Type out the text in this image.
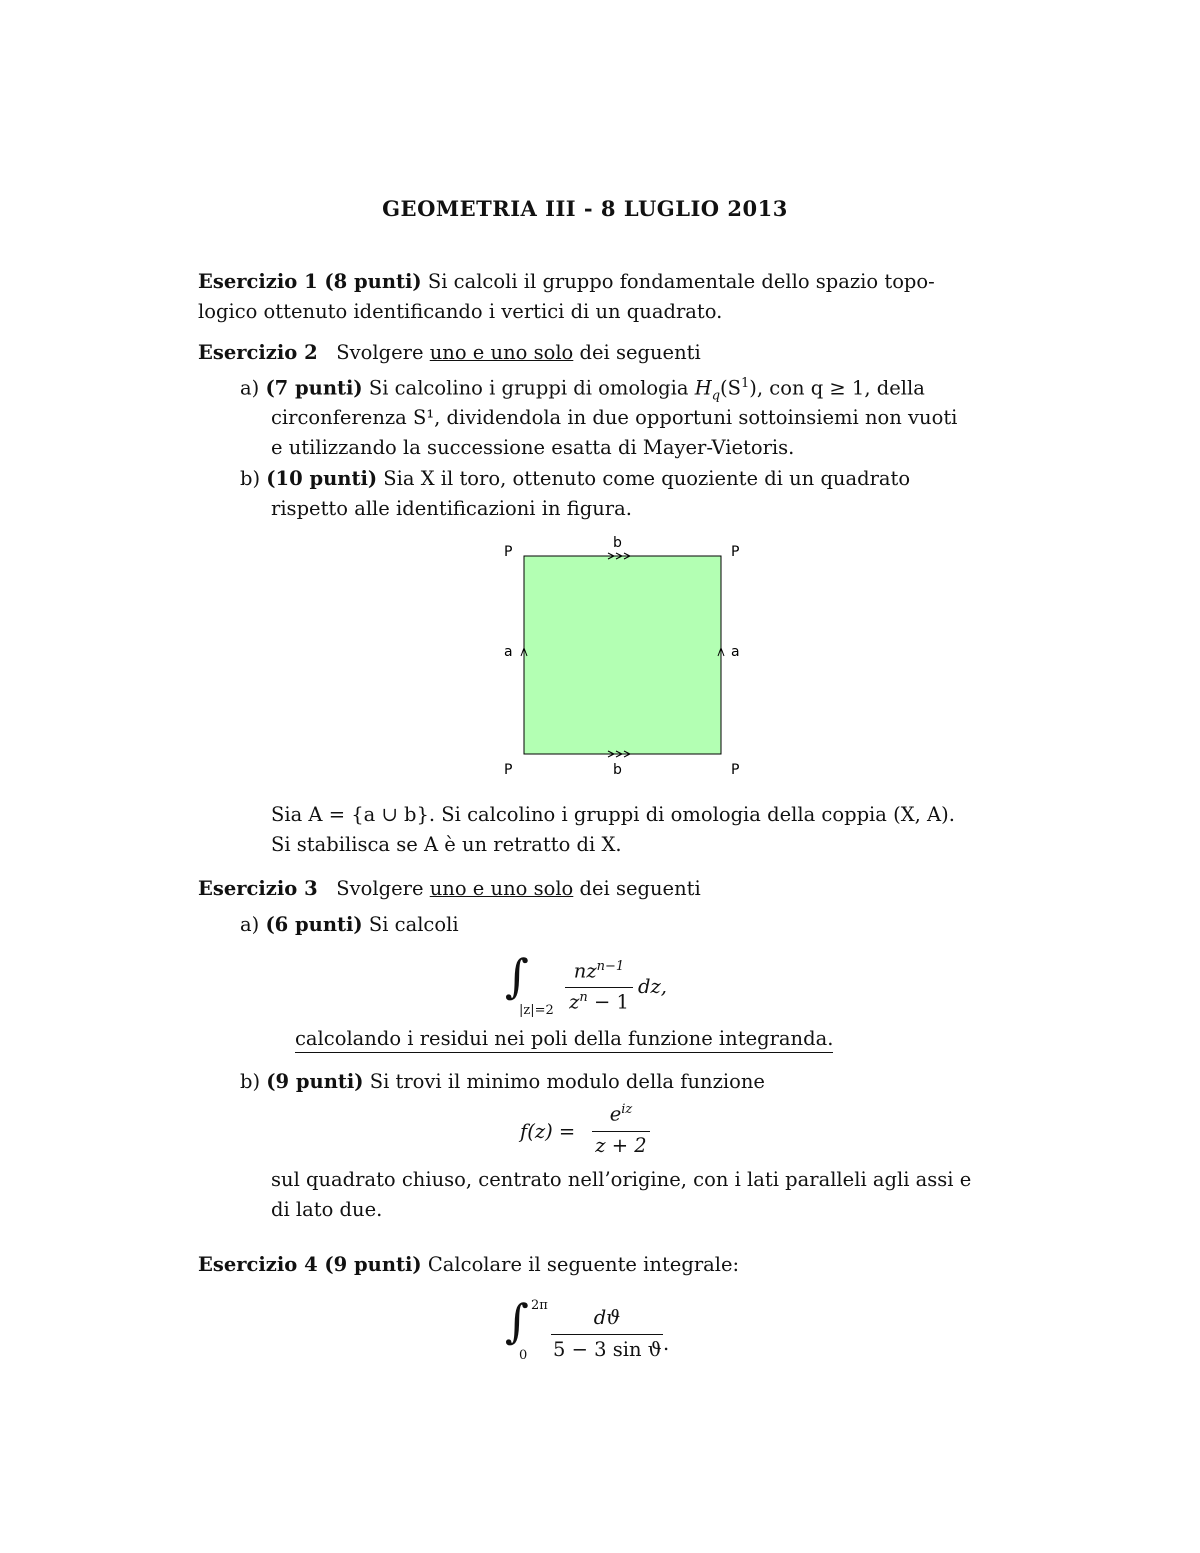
GEOMETRIA III - 8 LUGLIO 2013
Esercizio 1 (8 punti) Si calcoli il gruppo fondamentale dello spazio topo-
logico ottenuto identificando i vertici di un quadrato.
Esercizio 2 Svolgere uno e uno solo dei seguenti
a) (7 punti) Si calcolino i gruppi di omologia $H_q(S^1)$, con q ≥ 1, della
circonferenza S¹, dividendola in due opportuni sottoinsiemi non vuoti
e utilizzando la successione esatta di Mayer-Vietoris.
b) (10 punti) Sia X il toro, ottenuto come quoziente di un quadrato
rispetto alle identificazioni in figura.
P	P
P	P
b
b
a	a
Sia A = {a ∪ b}. Si calcolino i gruppi di omologia della coppia (X, A).
Si stabilisca se A è un retratto di X.
Esercizio 3 Svolgere uno e uno solo dei seguenti
a) (6 punti) Si calcoli
∫
|z|=2
$nz^{n-1}$
$z^n - 1$
dz,
calcolando i residui nei poli della funzione integranda.
b) (9 punti) Si trovi il minimo modulo della funzione
f(z) =
$e^{iz}$
z + 2
sul quadrato chiuso, centrato nell’origine, con i lati paralleli agli assi e
di lato due.
Esercizio 4 (9 punti) Calcolare il seguente integrale:
∫ 2π
0
dϑ
5 − 3 sin ϑ .
